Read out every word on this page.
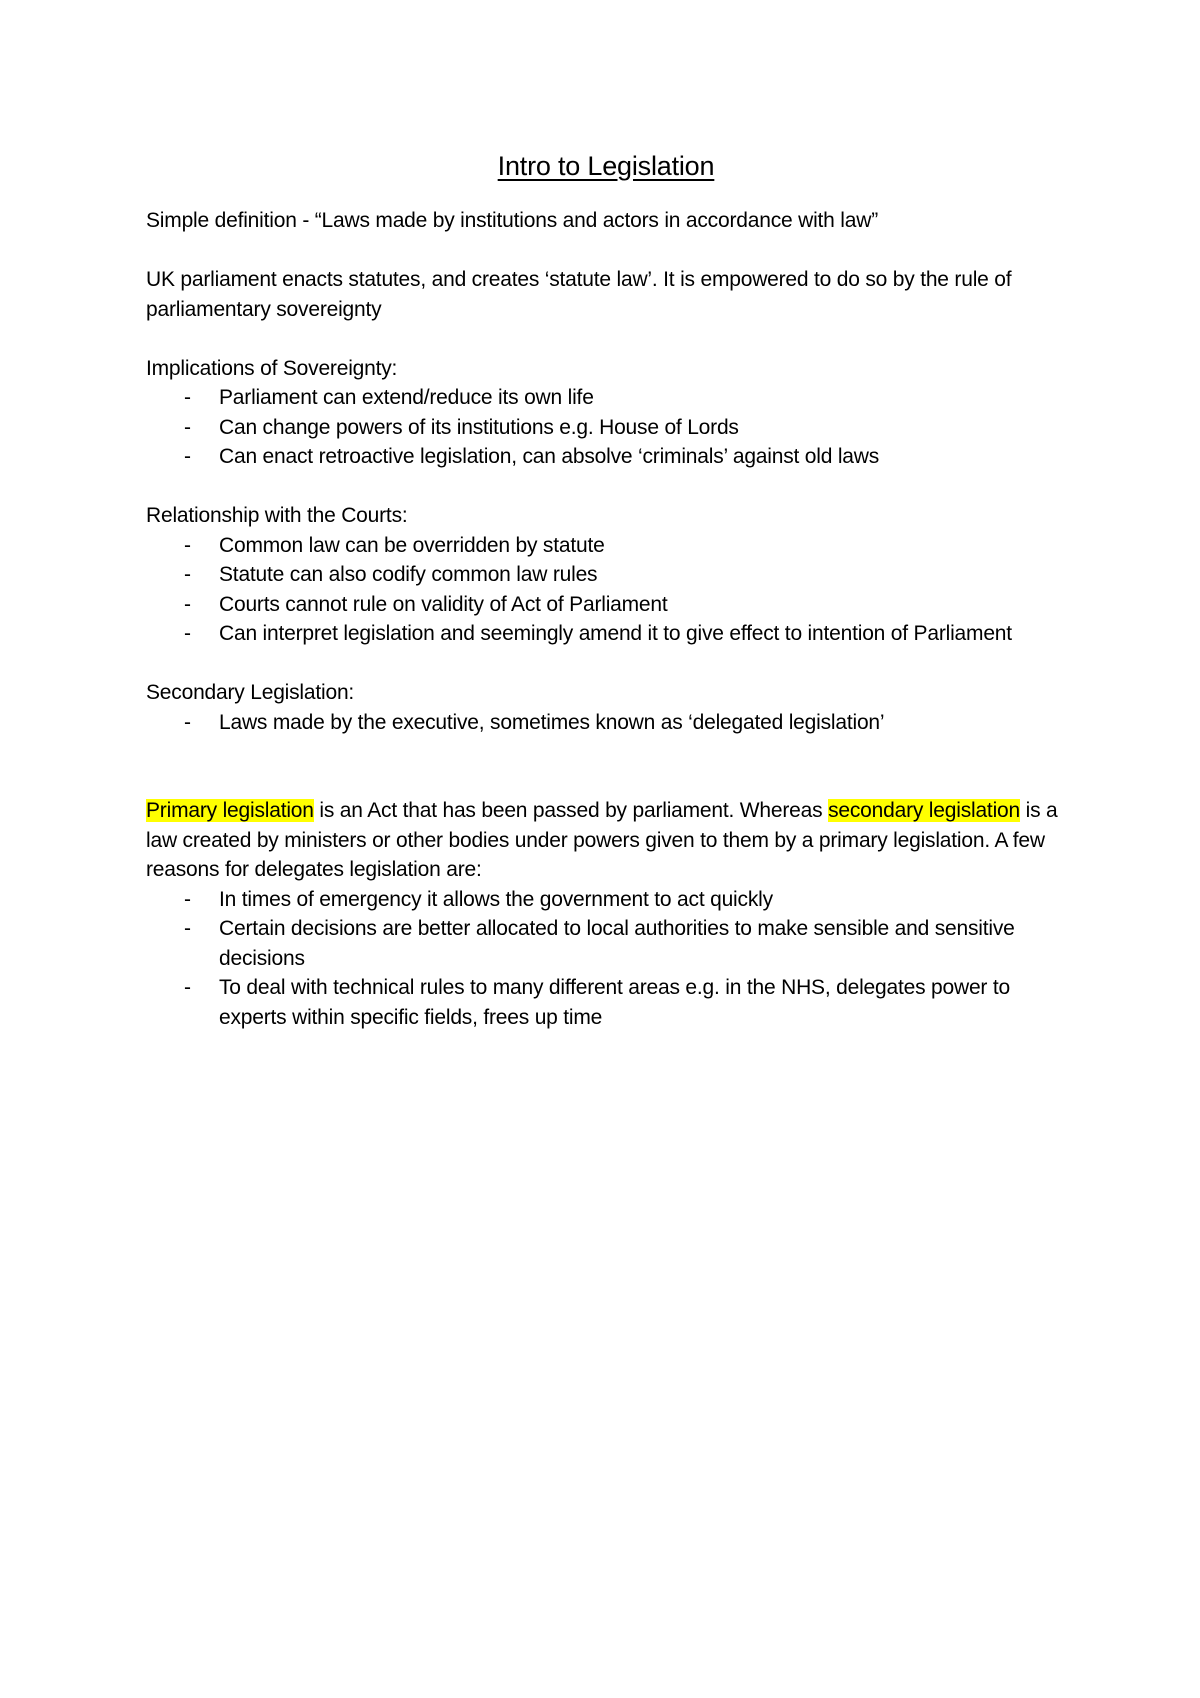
Intro to Legislation

Simple definition - “Laws made by institutions and actors in accordance with law”

UK parliament enacts statutes, and creates ‘statute law’. It is empowered to do so by the rule of parliamentary sovereignty

Implications of Sovereignty:

- Parliament can extend/reduce its own life
- Can change powers of its institutions e.g. House of Lords
- Can enact retroactive legislation, can absolve ‘criminals’ against old laws

Relationship with the Courts:

- Common law can be overridden by statute
- Statute can also codify common law rules
- Courts cannot rule on validity of Act of Parliament
- Can interpret legislation and seemingly amend it to give effect to intention of Parliament

Secondary Legislation:

- Laws made by the executive, sometimes known as ‘delegated legislation’

Primary legislation is an Act that has been passed by parliament. Whereas secondary legislation is a law created by ministers or other bodies under powers given to them by a primary legislation. A few reasons for delegates legislation are:

- In times of emergency it allows the government to act quickly
- Certain decisions are better allocated to local authorities to make sensible and sensitive decisions
- To deal with technical rules to many different areas e.g. in the NHS, delegates power to experts within specific fields, frees up time
